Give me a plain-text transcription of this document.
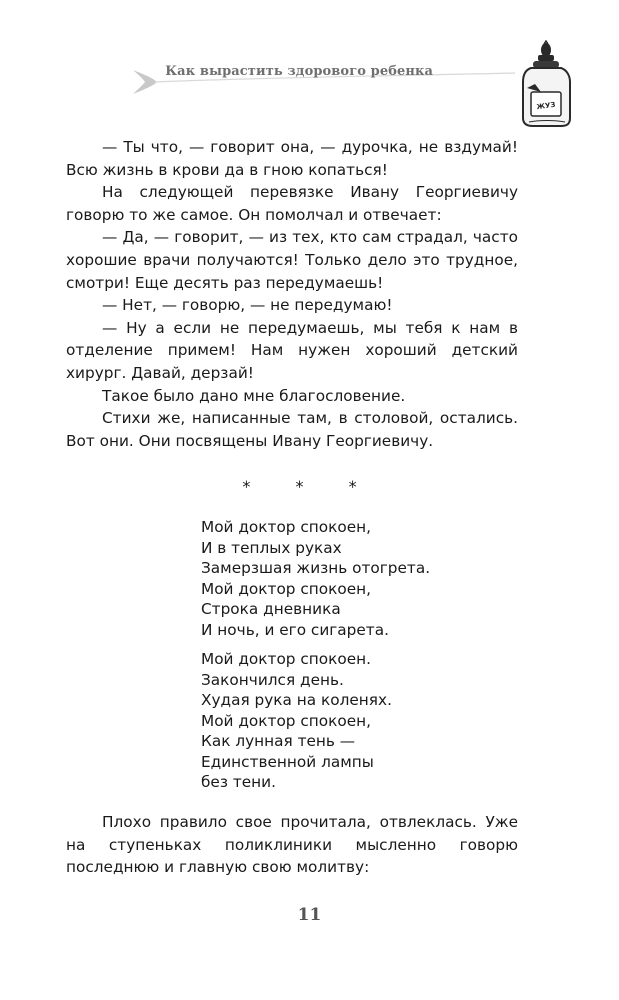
Как вырастить здорового ребенка
ЖУЗ

— Ты что, — говорит она, — дурочка, не вздумай! Всю жизнь в крови да в гною копаться!

На следующей перевязке Ивану Георгиевичу говорю то же самое. Он помолчал и отвечает:

— Да, — говорит, — из тех, кто сам страдал, часто хорошие врачи получаются! Только дело это трудное, смотри! Еще десять раз передумаешь!

— Нет, — говорю, — не передумаю!

— Ну а если не передумаешь, мы тебя к нам в отделение примем! Нам нужен хороший детский хирург. Давай, дерзай!

Такое было дано мне благословение.

Стихи же, написанные там, в столовой, остались. Вот они. Они посвящены Ивану Георгиевичу.

* * *
Мой доктор спокоен,
И в теплых руках
Замерзшая жизнь отогрета.
Мой доктор спокоен,
Строка дневника
И ночь, и его сигарета.
Мой доктор спокоен.
Закончился день.
Худая рука на коленях.
Мой доктор спокоен,
Как лунная тень —
Единственной лампы
без тени.

Плохо правило свое прочитала, отвлеклась. Уже на ступеньках поликлиники мысленно говорю последнюю и главную свою молитву:

11
